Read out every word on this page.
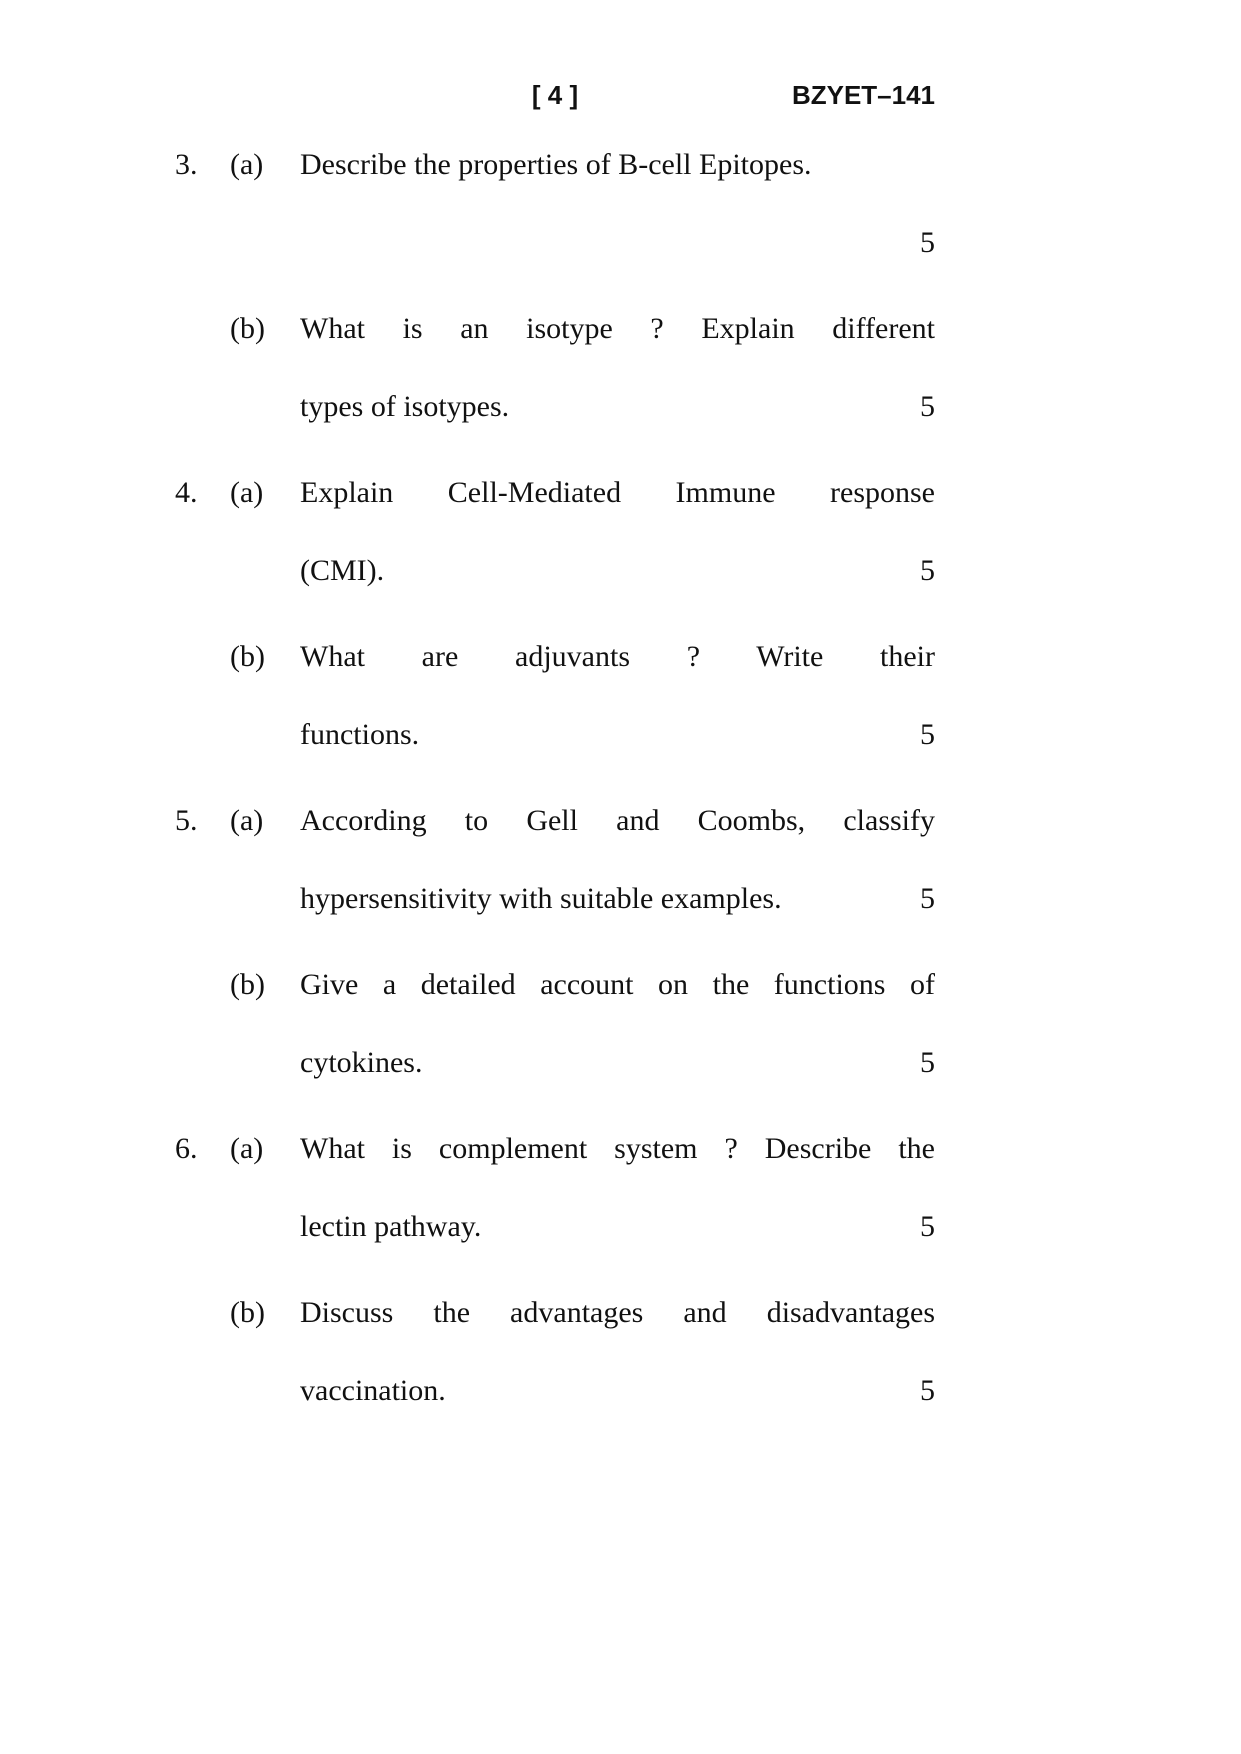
[ 4 ]	BZYET–141
3.	(a)	Describe the properties of B-cell Epitopes.
5
(b)	What is an isotype ? Explain different
types of isotypes.	5
4.	(a)	Explain Cell-Mediated Immune response
(CMI).	5
(b)	What are adjuvants ? Write their
functions.	5
5.	(a)	According to Gell and Coombs, classify
hypersensitivity with suitable examples.	5
(b)	Give a detailed account on the functions of
cytokines.	5
6.	(a)	What is complement system ? Describe the
lectin pathway.	5
(b)	Discuss the advantages and disadvantages
vaccination.	5
